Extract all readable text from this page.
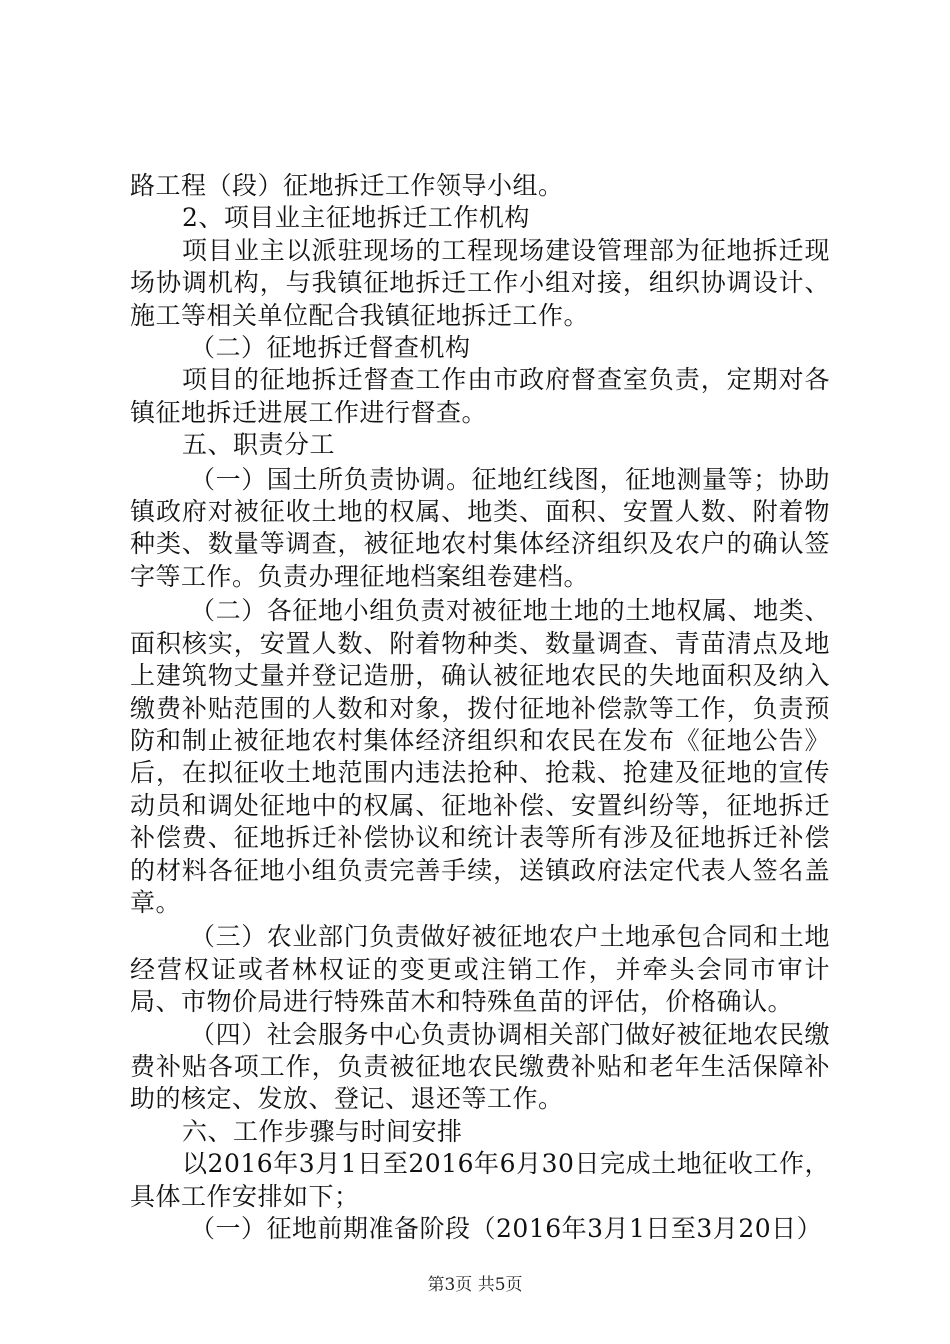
路工程（段）征地拆迁工作领导小组。

2、项目业主征地拆迁工作机构

项目业主以派驻现场的工程现场建设管理部为征地拆迁现场协调机构，与我镇征地拆迁工作小组对接，组织协调设计、施工等相关单位配合我镇征地拆迁工作。

（二）征地拆迁督查机构

项目的征地拆迁督查工作由市政府督查室负责，定期对各镇征地拆迁进展工作进行督查。

五、职责分工

（一）国土所负责协调。征地红线图，征地测量等；协助镇政府对被征收土地的权属、地类、面积、安置人数、附着物种类、数量等调查，被征地农村集体经济组织及农户的确认签字等工作。负责办理征地档案组卷建档。

（二）各征地小组负责对被征地土地的土地权属、地类、面积核实，安置人数、附着物种类、数量调查、青苗清点及地上建筑物丈量并登记造册，确认被征地农民的失地面积及纳入缴费补贴范围的人数和对象，拨付征地补偿款等工作，负责预防和制止被征地农村集体经济组织和农民在发布《征地公告》后，在拟征收土地范围内违法抢种、抢栽、抢建及征地的宣传动员和调处征地中的权属、征地补偿、安置纠纷等，征地拆迁补偿费、征地拆迁补偿协议和统计表等所有涉及征地拆迁补偿的材料各征地小组负责完善手续，送镇政府法定代表人签名盖章。

（三）农业部门负责做好被征地农户土地承包合同和土地经营权证或者林权证的变更或注销工作，并牵头会同市审计局、市物价局进行特殊苗木和特殊鱼苗的评估，价格确认。

（四）社会服务中心负责协调相关部门做好被征地农民缴费补贴各项工作，负责被征地农民缴费补贴和老年生活保障补助的核定、发放、登记、退还等工作。

六、工作步骤与时间安排

以2016年3月1日至2016年6月30日完成土地征收工作，具体工作安排如下；

（一）征地前期准备阶段（2016年3月1日至3月20日）

第3页 共5页
